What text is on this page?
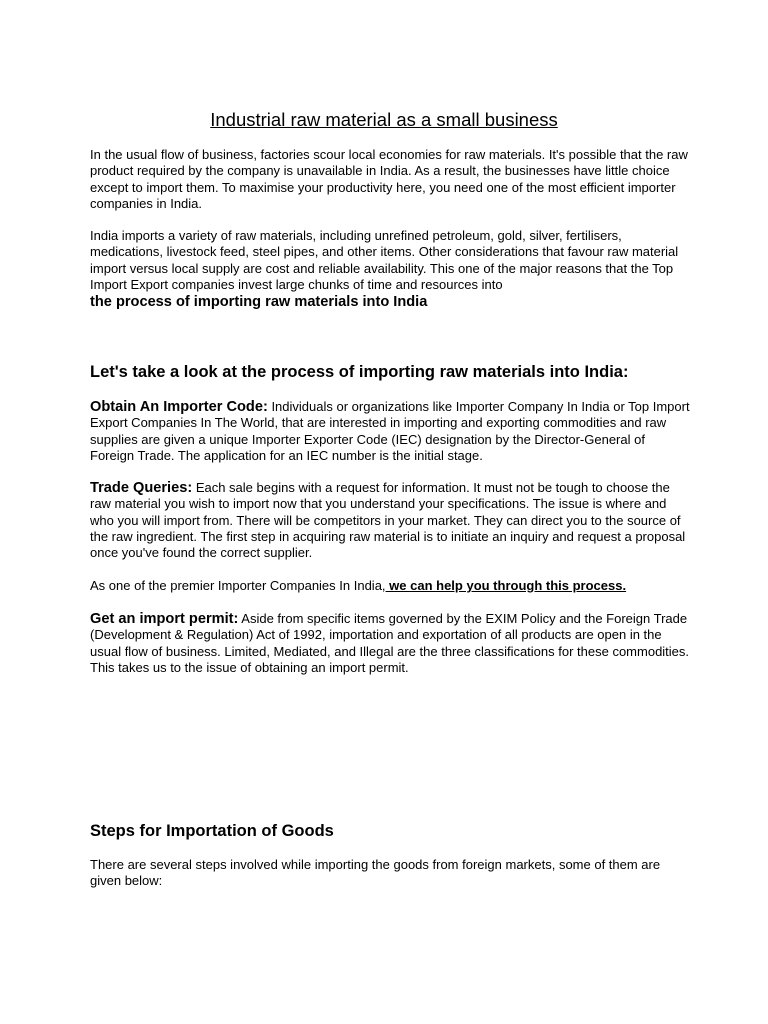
Industrial raw material as a small business

In the usual flow of business, factories scour local economies for raw materials. It's possible that the raw product required by the company is unavailable in India. As a result, the businesses have little choice except to import them. To maximise your productivity here, you need one of the most efficient importer companies in India.

India imports a variety of raw materials, including unrefined petroleum, gold, silver, fertilisers, medications, livestock feed, steel pipes, and other items. Other considerations that favour raw material import versus local supply are cost and reliable availability. This one of the major reasons that the Top Import Export companies invest large chunks of time and resources into

the process of importing raw materials into India

Let's take a look at the process of importing raw materials into India:

Obtain An Importer Code: Individuals or organizations like Importer Company In India or Top Import Export Companies In The World, that are interested in importing and exporting commodities and raw supplies are given a unique Importer Exporter Code (IEC) designation by the Director-General of Foreign Trade. The application for an IEC number is the initial stage.

Trade Queries: Each sale begins with a request for information. It must not be tough to choose the raw material you wish to import now that you understand your specifications. The issue is where and who you will import from. There will be competitors in your market. They can direct you to the source of the raw ingredient. The first step in acquiring raw material is to initiate an inquiry and request a proposal once you've found the correct supplier.

As one of the premier Importer Companies In India, we can help you through this process.

Get an import permit: Aside from specific items governed by the EXIM Policy and the Foreign Trade (Development & Regulation) Act of 1992, importation and exportation of all products are open in the usual flow of business. Limited, Mediated, and Illegal are the three classifications for these commodities. This takes us to the issue of obtaining an import permit.

Steps for Importation of Goods

There are several steps involved while importing the goods from foreign markets, some of them are given below:
